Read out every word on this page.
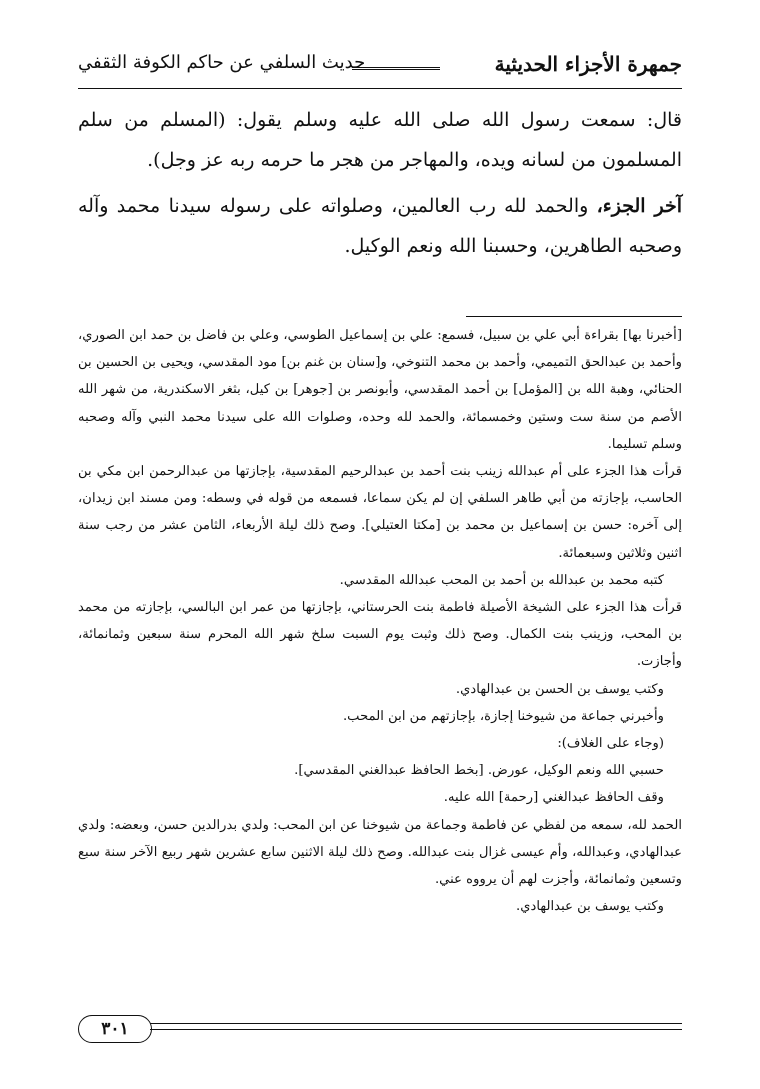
جمهرة الأجزاء الحديثية
حديث السلفي عن حاكم الكوفة الثقفي

قال: سمعت رسول الله صلى الله عليه وسلم يقول: (المسلم من سلم المسلمون من لسانه ويده، والمهاجر من هجر ما حرمه ربه عز وجل).

آخر الجزء، والحمد لله رب العالمين، وصلواته على رسوله سيدنا محمد وآله وصحبه الطاهرين، وحسبنا الله ونعم الوكيل.

[أخبرنا بها] بقراءة أبي علي بن سبيل، فسمع: علي بن إسماعيل الطوسي، وعلي بن فاضل بن حمد ابن الصوري، وأحمد بن عبدالحق التميمي، وأحمد بن محمد التنوخي، و[سنان بن غنم بن] مود المقدسي، ويحيى بن الحسين بن الحنائي، وهبة الله بن [المؤمل] بن أحمد المقدسي، وأبونصر بن [جوهر] بن كيل، بثغر الاسكندرية، من شهر الله الأصم من سنة ست وستين وخمسمائة، والحمد لله وحده، وصلوات الله على سيدنا محمد النبي وآله وصحبه وسلم تسليما.

قرأت هذا الجزء على أم عبدالله زينب بنت أحمد بن عبدالرحيم المقدسية، بإجازتها من عبدالرحمن ابن مكي بن الحاسب، بإجازته من أبي طاهر السلفي إن لم يكن سماعا، فسمعه من قوله في وسطه: ومن مسند ابن زيدان، إلى آخره: حسن بن إسماعيل بن محمد بن [مكتا العتيلي]. وصح ذلك ليلة الأربعاء، الثامن عشر من رجب سنة اثنين وثلاثين وسبعمائة.

كتبه محمد بن عبدالله بن أحمد بن المحب عبدالله المقدسي.

قرأت هذا الجزء على الشيخة الأصيلة فاطمة بنت الحرستاني، بإجازتها من عمر ابن البالسي، بإجازته من محمد بن المحب، وزينب بنت الكمال. وصح ذلك وثبت يوم السبت سلخ شهر الله المحرم سنة سبعين وثمانمائة، وأجازت.

وكتب يوسف بن الحسن بن عبدالهادي.

وأخبرني جماعة من شيوخنا إجازة، بإجازتهم من ابن المحب.

(وجاء على الغلاف):

حسبي الله ونعم الوكيل، عورض. [بخط الحافظ عبدالغني المقدسي].

وقف الحافظ عبدالغني [رحمة] الله عليه.

الحمد لله، سمعه من لفظي عن فاطمة وجماعة من شيوخنا عن ابن المحب: ولدي بدرالدين حسن، وبعضه: ولدي عبدالهادي، وعبدالله، وأم عيسى غزال بنت عبدالله. وصح ذلك ليلة الاثنين سابع عشرين شهر ربيع الآخر سنة سبع وتسعين وثمانمائة، وأجزت لهم أن يرووه عني.

وكتب يوسف بن عبدالهادي.

٣٠١
